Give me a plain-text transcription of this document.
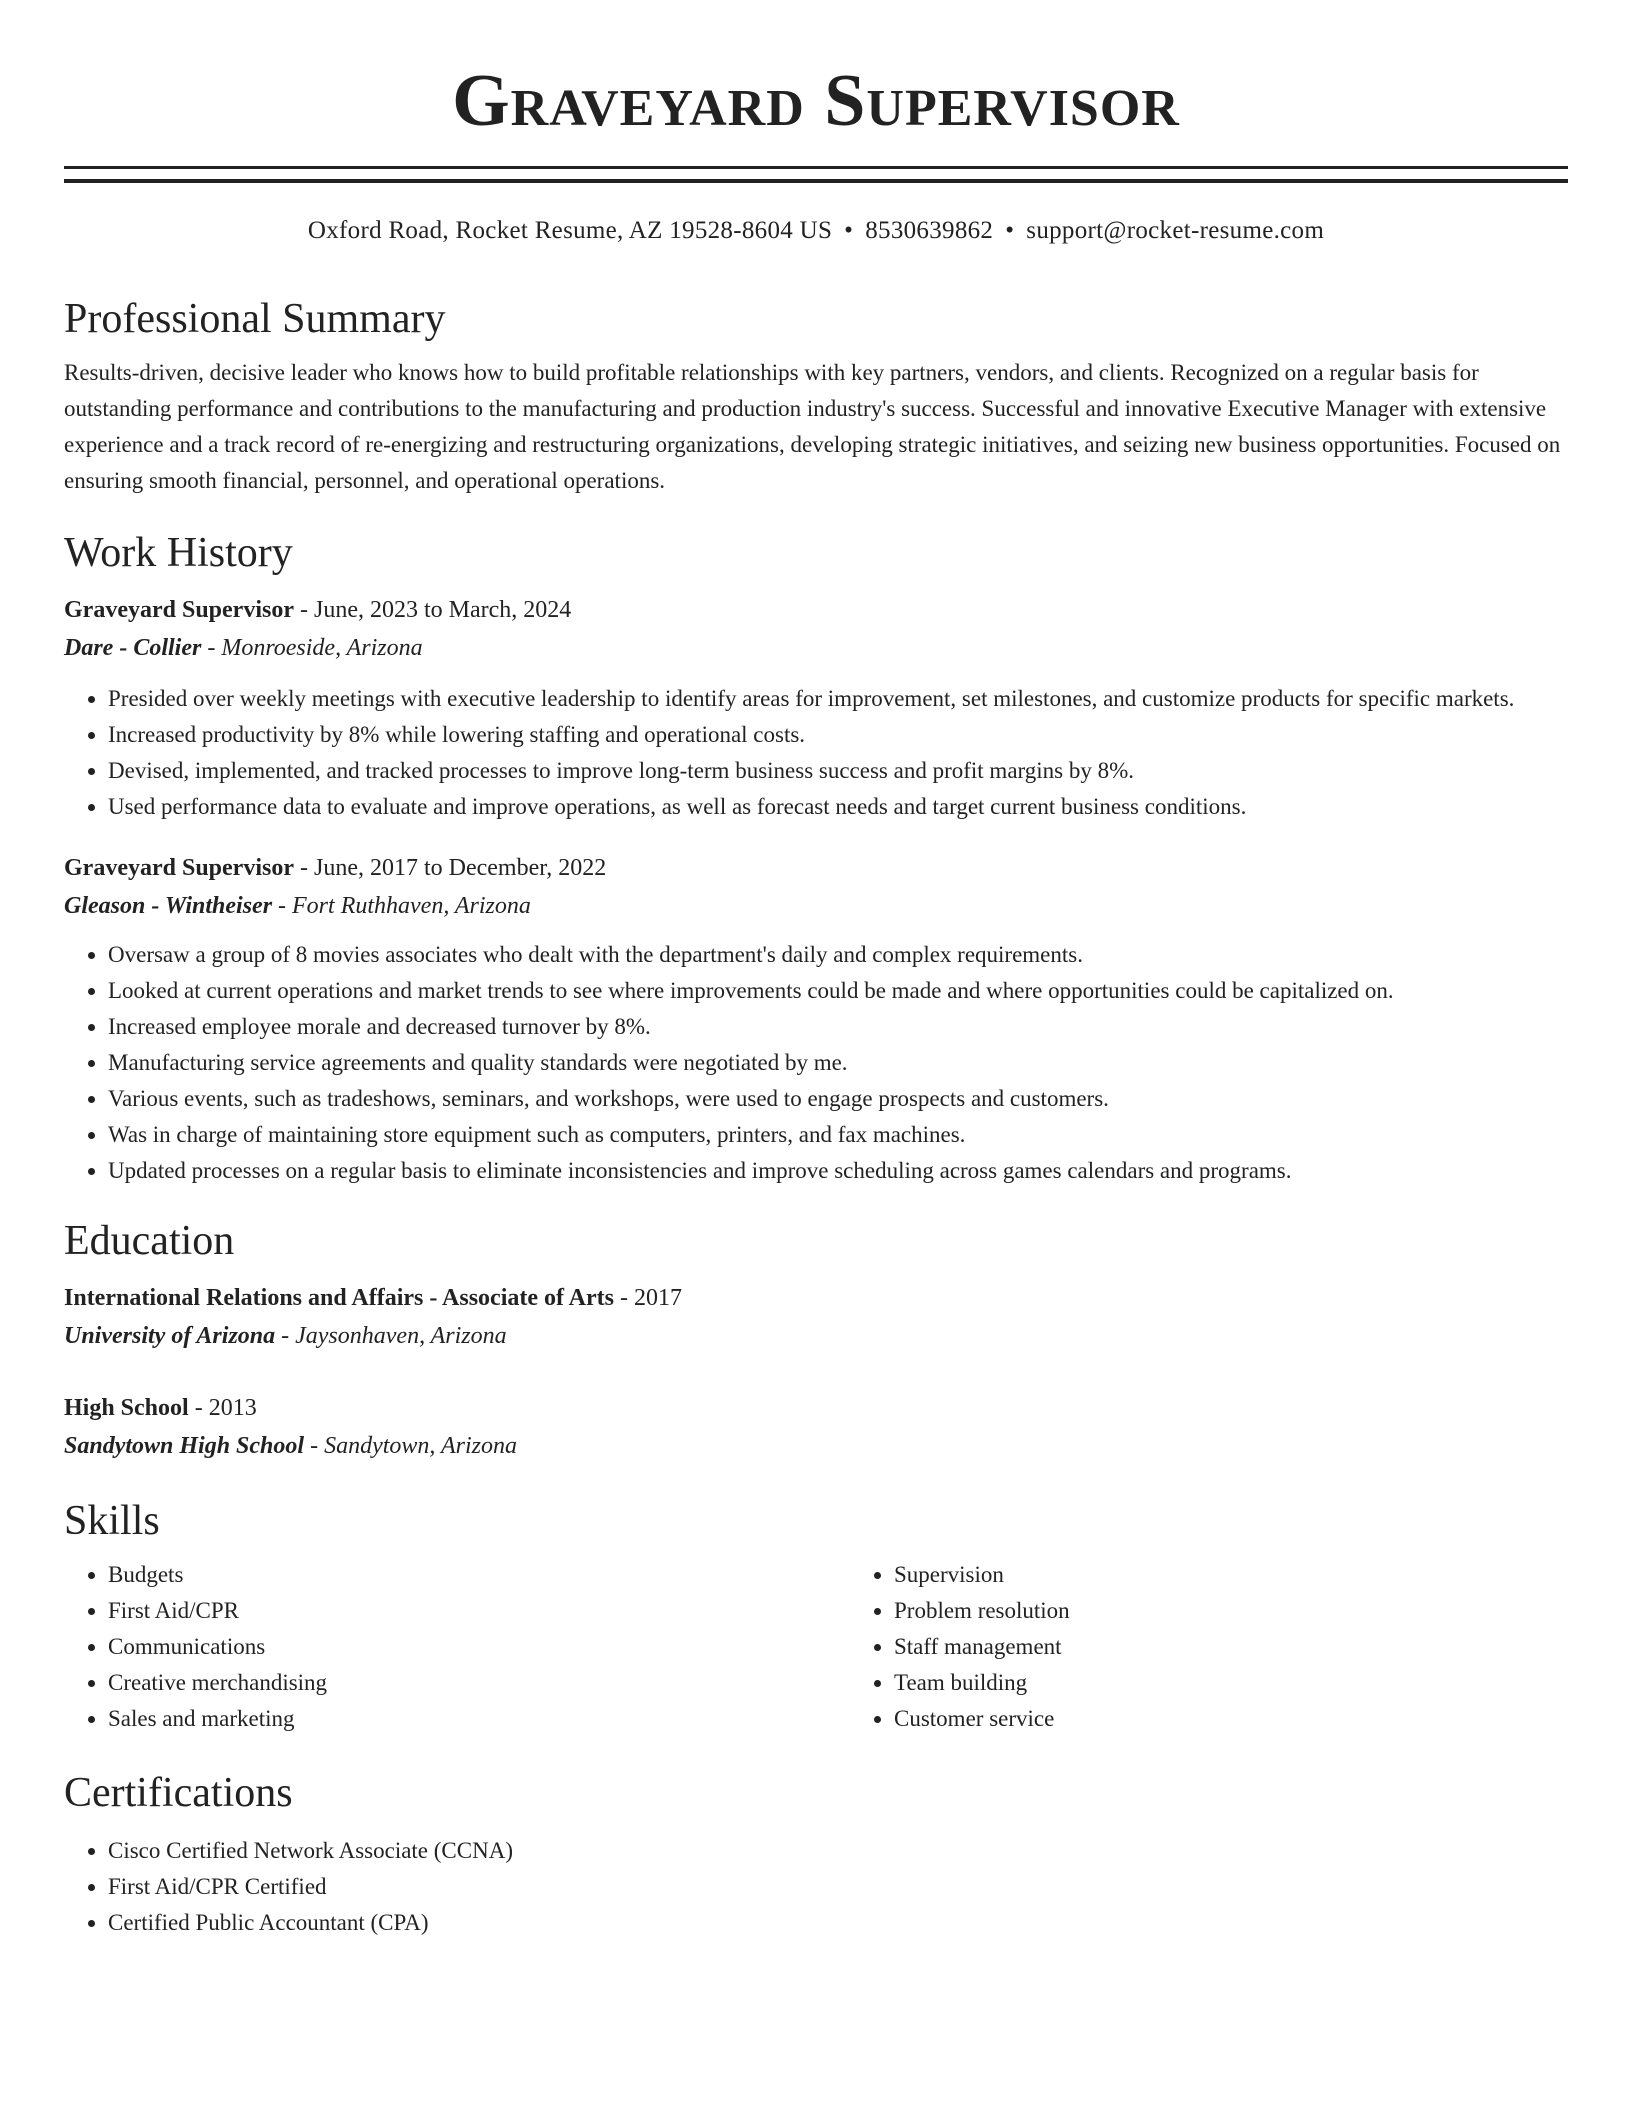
Graveyard Supervisor
Oxford Road, Rocket Resume, AZ 19528-8604 US • 8530639862 • support@rocket-resume.com
Professional Summary

Results-driven, decisive leader who knows how to build profitable relationships with key partners, vendors, and clients. Recognized on a regular basis for outstanding performance and contributions to the manufacturing and production industry's success. Successful and innovative Executive Manager with extensive experience and a track record of re-energizing and restructuring organizations, developing strategic initiatives, and seizing new business opportunities. Focused on ensuring smooth financial, personnel, and operational operations.

Work History
Graveyard Supervisor - June, 2023 to March, 2024
Dare - Collier - Monroeside, Arizona
• Presided over weekly meetings with executive leadership to identify areas for improvement, set milestones, and customize products for specific markets.
• Increased productivity by 8% while lowering staffing and operational costs.
• Devised, implemented, and tracked processes to improve long-term business success and profit margins by 8%.
• Used performance data to evaluate and improve operations, as well as forecast needs and target current business conditions.
Graveyard Supervisor - June, 2017 to December, 2022
Gleason - Wintheiser - Fort Ruthhaven, Arizona
• Oversaw a group of 8 movies associates who dealt with the department's daily and complex requirements.
• Looked at current operations and market trends to see where improvements could be made and where opportunities could be capitalized on.
• Increased employee morale and decreased turnover by 8%.
• Manufacturing service agreements and quality standards were negotiated by me.
• Various events, such as tradeshows, seminars, and workshops, were used to engage prospects and customers.
• Was in charge of maintaining store equipment such as computers, printers, and fax machines.
• Updated processes on a regular basis to eliminate inconsistencies and improve scheduling across games calendars and programs.
Education
International Relations and Affairs - Associate of Arts - 2017
University of Arizona - Jaysonhaven, Arizona
High School - 2013
Sandytown High School - Sandytown, Arizona
Skills
• Budgets
• First Aid/CPR
• Communications
• Creative merchandising
• Sales and marketing
• Supervision
• Problem resolution
• Staff management
• Team building
• Customer service
Certifications
• Cisco Certified Network Associate (CCNA)
• First Aid/CPR Certified
• Certified Public Accountant (CPA)
